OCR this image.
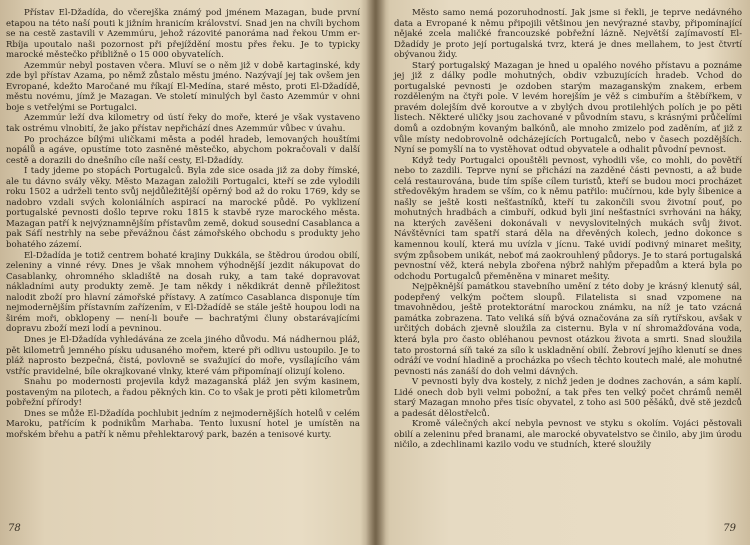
Přístav El-Džadída, do včerejška známý pod jménem Mazagan, bude první etapou na této naší pouti k jižním hranicím království. Snad jen na chvíli bychom se na cestě zastavili v Azemmúru, jehož rázovité panoráma nad řekou Umm er-Rbíja upoutalo naši pozornost při přejíždění mostu přes řeku. Je to typicky marocké městečko přibližně o 15 000 obyvatelích.

Azemmúr nebyl postaven včera. Mluví se o něm již v době kartaginské, kdy zde byl přístav Azama, po němž zůstalo městu jméno. Nazývají jej tak ovšem jen Evropané, kdežto Maročané mu říkají El-Medína, staré město, proti El-Džadídě, městu novému, jímž je Mazagan. Ve století minulých byl často Azemmúr v ohni boje s vetřelými se Portugalci.

Azemmúr leží dva kilometry od ústí řeky do moře, které je však vystaveno tak ostrému vlnobití, že jako přístav nepřichází dnes Azemmúr vůbec v úvahu.

Po procházce bílými uličkami města a podél hradeb, lemovaných houštími nopálů a agáve, opustíme toto zasněné městečko, abychom pokračovali v další cestě a dorazili do dnešního cíle naší cesty, El-Džadídy.

I tady jdeme po stopách Portugalců. Byla zde sice osada již za doby římské, ale tu dávno svály věky. Město Mazagan založili Portugalci, kteří se zde vylodili roku 1502 a udrželi tento svůj nejdůležitější opěrný bod až do roku 1769, kdy se nadobro vzdali svých koloniálních aspirací na marocké půdě. Po vyklizení portugalské pevnosti došlo teprve roku 1815 k stavbě ryze marockého města. Mazagan patří k nejvýznamnějším přístavům země, dokud sousední Casablanca a pak Sáfí nestrhly na sebe převážnou část zámořského obchodu s produkty jeho bohatého zázemí.

El-Džadída je totiž centrem bohaté krajiny Dukkála, se štědrou úrodou obilí, zeleniny a vinné révy. Dnes je však mnohem výhodnější jezdit nákupovat do Casablanky, ohromného skladiště na dosah ruky, a tam také dopravovat nákladními auty produkty země. Je tam někdy i někdikrát denně příležitost nalodit zboží pro hlavní zámořské přístavy. A zatímco Casablanca disponuje tím nejmodernějším přístavním zařízením, v El-Džadídě se stále ještě houpou lodi na širém moři, obklopeny — není-li bouře — bachratými čluny obstarávajícími dopravu zboží mezi lodí a pevninou.

Dnes je El-Džadída vyhledávána ze zcela jiného důvodu. Má nádhernou pláž, pět kilometrů jemného písku udusaného mořem, které při odlivu ustoupilo. Je to pláž naprosto bezpečná, čistá, povlovně se svažující do moře, vysílajícího vám vstříc pravidelné, bíle okrajkované vlnky, které vám připomínají olizují koleno.

Snahu po modernosti projevila když mazaganská pláž jen svým kasinem, postaveným na pilotech, a řadou pěkných kin. Co to však je proti pěti kilometrům pobřežní přírody!

Dnes se může El-Džadída pochlubit jedním z nejmodernějších hotelů v celém Maroku, patřícím k podnikům Marhaba. Tento luxusní hotel je umístěn na mořském břehu a patří k němu přehlektarový park, bazén a tenisové kurty.

78

Město samo nemá pozoruhodností. Jak jsme si řekli, je teprve nedávného data a Evropané k němu připojili většinou jen nevýrazné stavby, připomínající nějaké zcela maličké francouzské pobřežní lázně. Největší zajímavostí El-Džadídy je proto její portugalská tvrz, která je dnes mellahem, to jest čtvrtí obývanou židy.

Starý portugalský Mazagan je hned u opalého nového přístavu a poznáme jej již z dálky podle mohutných, obdiv vzbuzujících hradeb. Vchod do portugalské pevnosti je ozdoben starým mazaganským znakem, erbem rozděleným na čtyři pole. V levém horejším je věž s cimbuřím a štěbířkem, v pravém dolejším dvě koroutve a v zbylých dvou protilehlých polích je po pěti listech. Některé uličky jsou zachované v původním stavu, s krásnými průčelími domů a ozdobným kovaným balkónů, ale mnoho zmizelo pod zaděním, ať již z vůle místy nedobrovolně odcházejících Portugalců, nebo v časech pozdějších. Nyní se pomyšlí na to vystěhovat odtud obyvatele a odhalit původní pevnost.

Když tedy Portugalci opouštěli pevnost, vyhodili vše, co mohli, do povětří nebo to zazdili. Teprve nyní se přichází na zazděné části pevnosti, a až bude celá restaurována, bude tím spíše cílem turistů, kteří se budou moci procházet středověkým hradem se vším, co k němu patřilo: mučírnou, kde byly šibenice a našly se ještě kosti nešťastníků, kteří tu zakončili svou životní pouť, po mohutných hradbách a cimbuří, odkud byli jiní nešťastníci svrhováni na háky, na kterých zavěšeni dokonávali v nevyslovitelných mukách svůj život. Návštěvníci tam spatří stará děla na dřevěných kolech, jedno dokonce s kamennou koulí, která mu uvízla v jícnu. Také uvidí podivný minaret mešity, svým způsobem unikát, neboť má zaokrouhlený půdorys. Je to stará portugalská pevnostní věž, která nebyla zbořena nýbrž nahlým přepadům a která byla po odchodu Portugalců přeměněna v minaret mešity.

Nejpěknější památkou stavebního umění z této doby je krásný klenutý sál, podepřený velkým počtem sloupů. Filatelista si snad vzpomene na tmavohnědou, ještě protektorátní marockou známku, na níž je tato vzácná památka zobrazena. Tato veliká síň bývá označována za síň rytířskou, avšak v určitých dobách zjevně sloužila za cisternu. Byla v ní shromažďována voda, která byla pro často obléhanou pevnost otázkou života a smrti. Snad sloužila tato prostorná síň také za sílo k uskladnění obilí. Žebroví jejího klenutí se dnes odráží ve vodní hladině a procházka po všech těchto koutech malé, ale mohutné pevnosti nás zanáší do doh velmi dávných.

V pevnosti byly dva kostely, z nichž jeden je dodnes zachován, a sám kaplí. Lidé onech dob byli velmi pobožní, a tak přes ten velký počet chrámů neměl starý Mazagan mnoho přes tisíc obyvatel, z toho asi 500 pěšáků, dvě stě jezdců a padesát dělostřelců.

Kromě válečných akcí nebyla pevnost ve styku s okolím. Vojáci pěstovali obilí a zeleninu před branami, ale marocké obyvatelstvo se činilo, aby jim úrodu ničilo, a zdechlinami kazilo vodu ve studních, které sloužily

79
